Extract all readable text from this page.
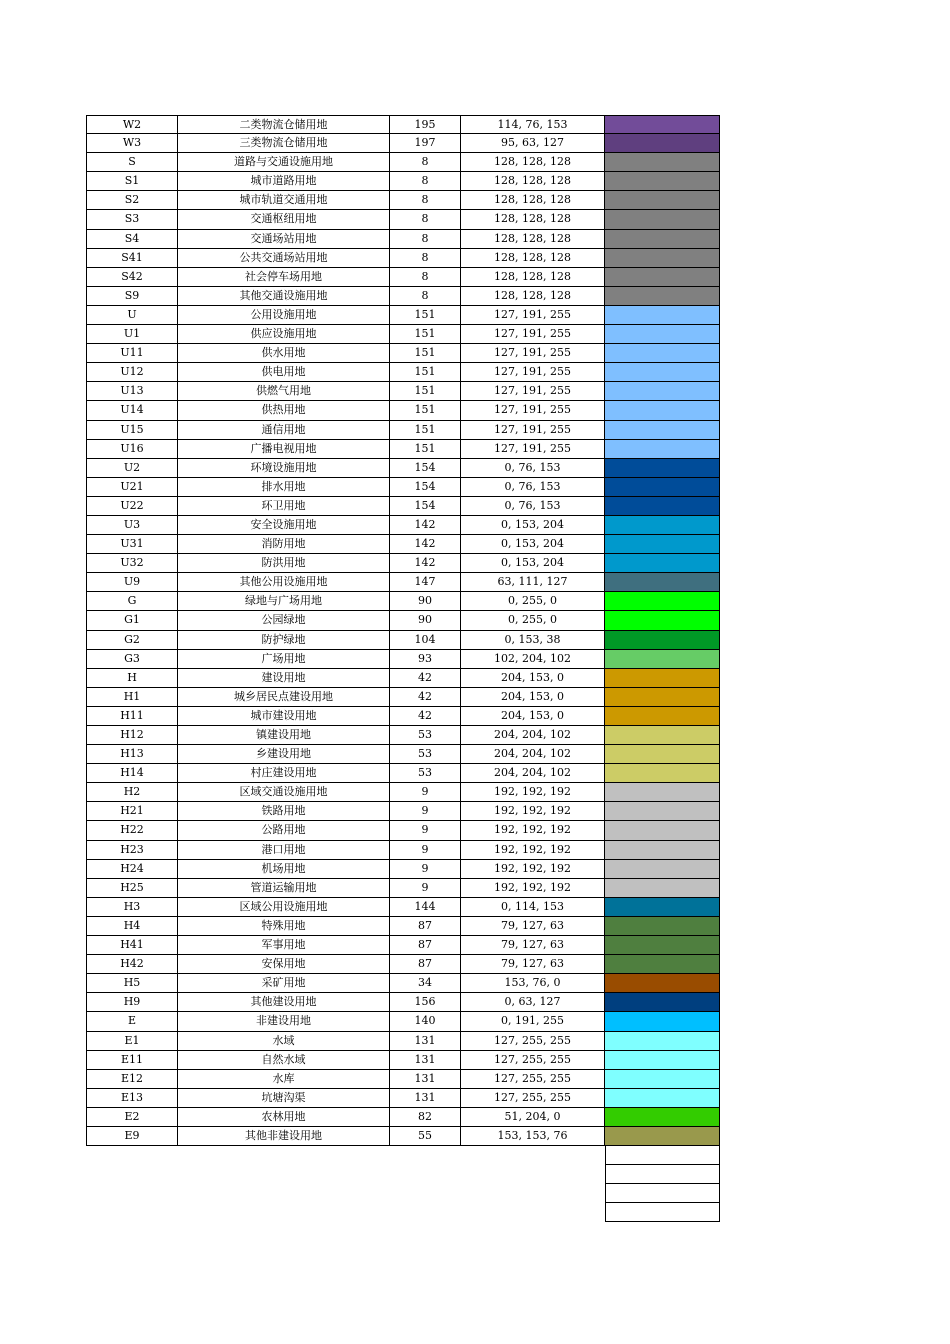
W2	二类物流仓储用地	195	114, 76, 153
W3	三类物流仓储用地	197	95, 63, 127
S	道路与交通设施用地	8	128, 128, 128
S1	城市道路用地	8	128, 128, 128
S2	城市轨道交通用地	8	128, 128, 128
S3	交通枢纽用地	8	128, 128, 128
S4	交通场站用地	8	128, 128, 128
S41	公共交通场站用地	8	128, 128, 128
S42	社会停车场用地	8	128, 128, 128
S9	其他交通设施用地	8	128, 128, 128
U	公用设施用地	151	127, 191, 255
U1	供应设施用地	151	127, 191, 255
U11	供水用地	151	127, 191, 255
U12	供电用地	151	127, 191, 255
U13	供燃气用地	151	127, 191, 255
U14	供热用地	151	127, 191, 255
U15	通信用地	151	127, 191, 255
U16	广播电视用地	151	127, 191, 255
U2	环境设施用地	154	0, 76, 153
U21	排水用地	154	0, 76, 153
U22	环卫用地	154	0, 76, 153
U3	安全设施用地	142	0, 153, 204
U31	消防用地	142	0, 153, 204
U32	防洪用地	142	0, 153, 204
U9	其他公用设施用地	147	63, 111, 127
G	绿地与广场用地	90	0, 255, 0
G1	公园绿地	90	0, 255, 0
G2	防护绿地	104	0, 153, 38
G3	广场用地	93	102, 204, 102
H	建设用地	42	204, 153, 0
H1	城乡居民点建设用地	42	204, 153, 0
H11	城市建设用地	42	204, 153, 0
H12	镇建设用地	53	204, 204, 102
H13	乡建设用地	53	204, 204, 102
H14	村庄建设用地	53	204, 204, 102
H2	区域交通设施用地	9	192, 192, 192
H21	铁路用地	9	192, 192, 192
H22	公路用地	9	192, 192, 192
H23	港口用地	9	192, 192, 192
H24	机场用地	9	192, 192, 192
H25	管道运输用地	9	192, 192, 192
H3	区域公用设施用地	144	0, 114, 153
H4	特殊用地	87	79, 127, 63
H41	军事用地	87	79, 127, 63
H42	安保用地	87	79, 127, 63
H5	采矿用地	34	153, 76, 0
H9	其他建设用地	156	0, 63, 127
E	非建设用地	140	0, 191, 255
E1	水域	131	127, 255, 255
E11	自然水域	131	127, 255, 255
E12	水库	131	127, 255, 255
E13	坑塘沟渠	131	127, 255, 255
E2	农林用地	82	51, 204, 0
E9	其他非建设用地	55	153, 153, 76
